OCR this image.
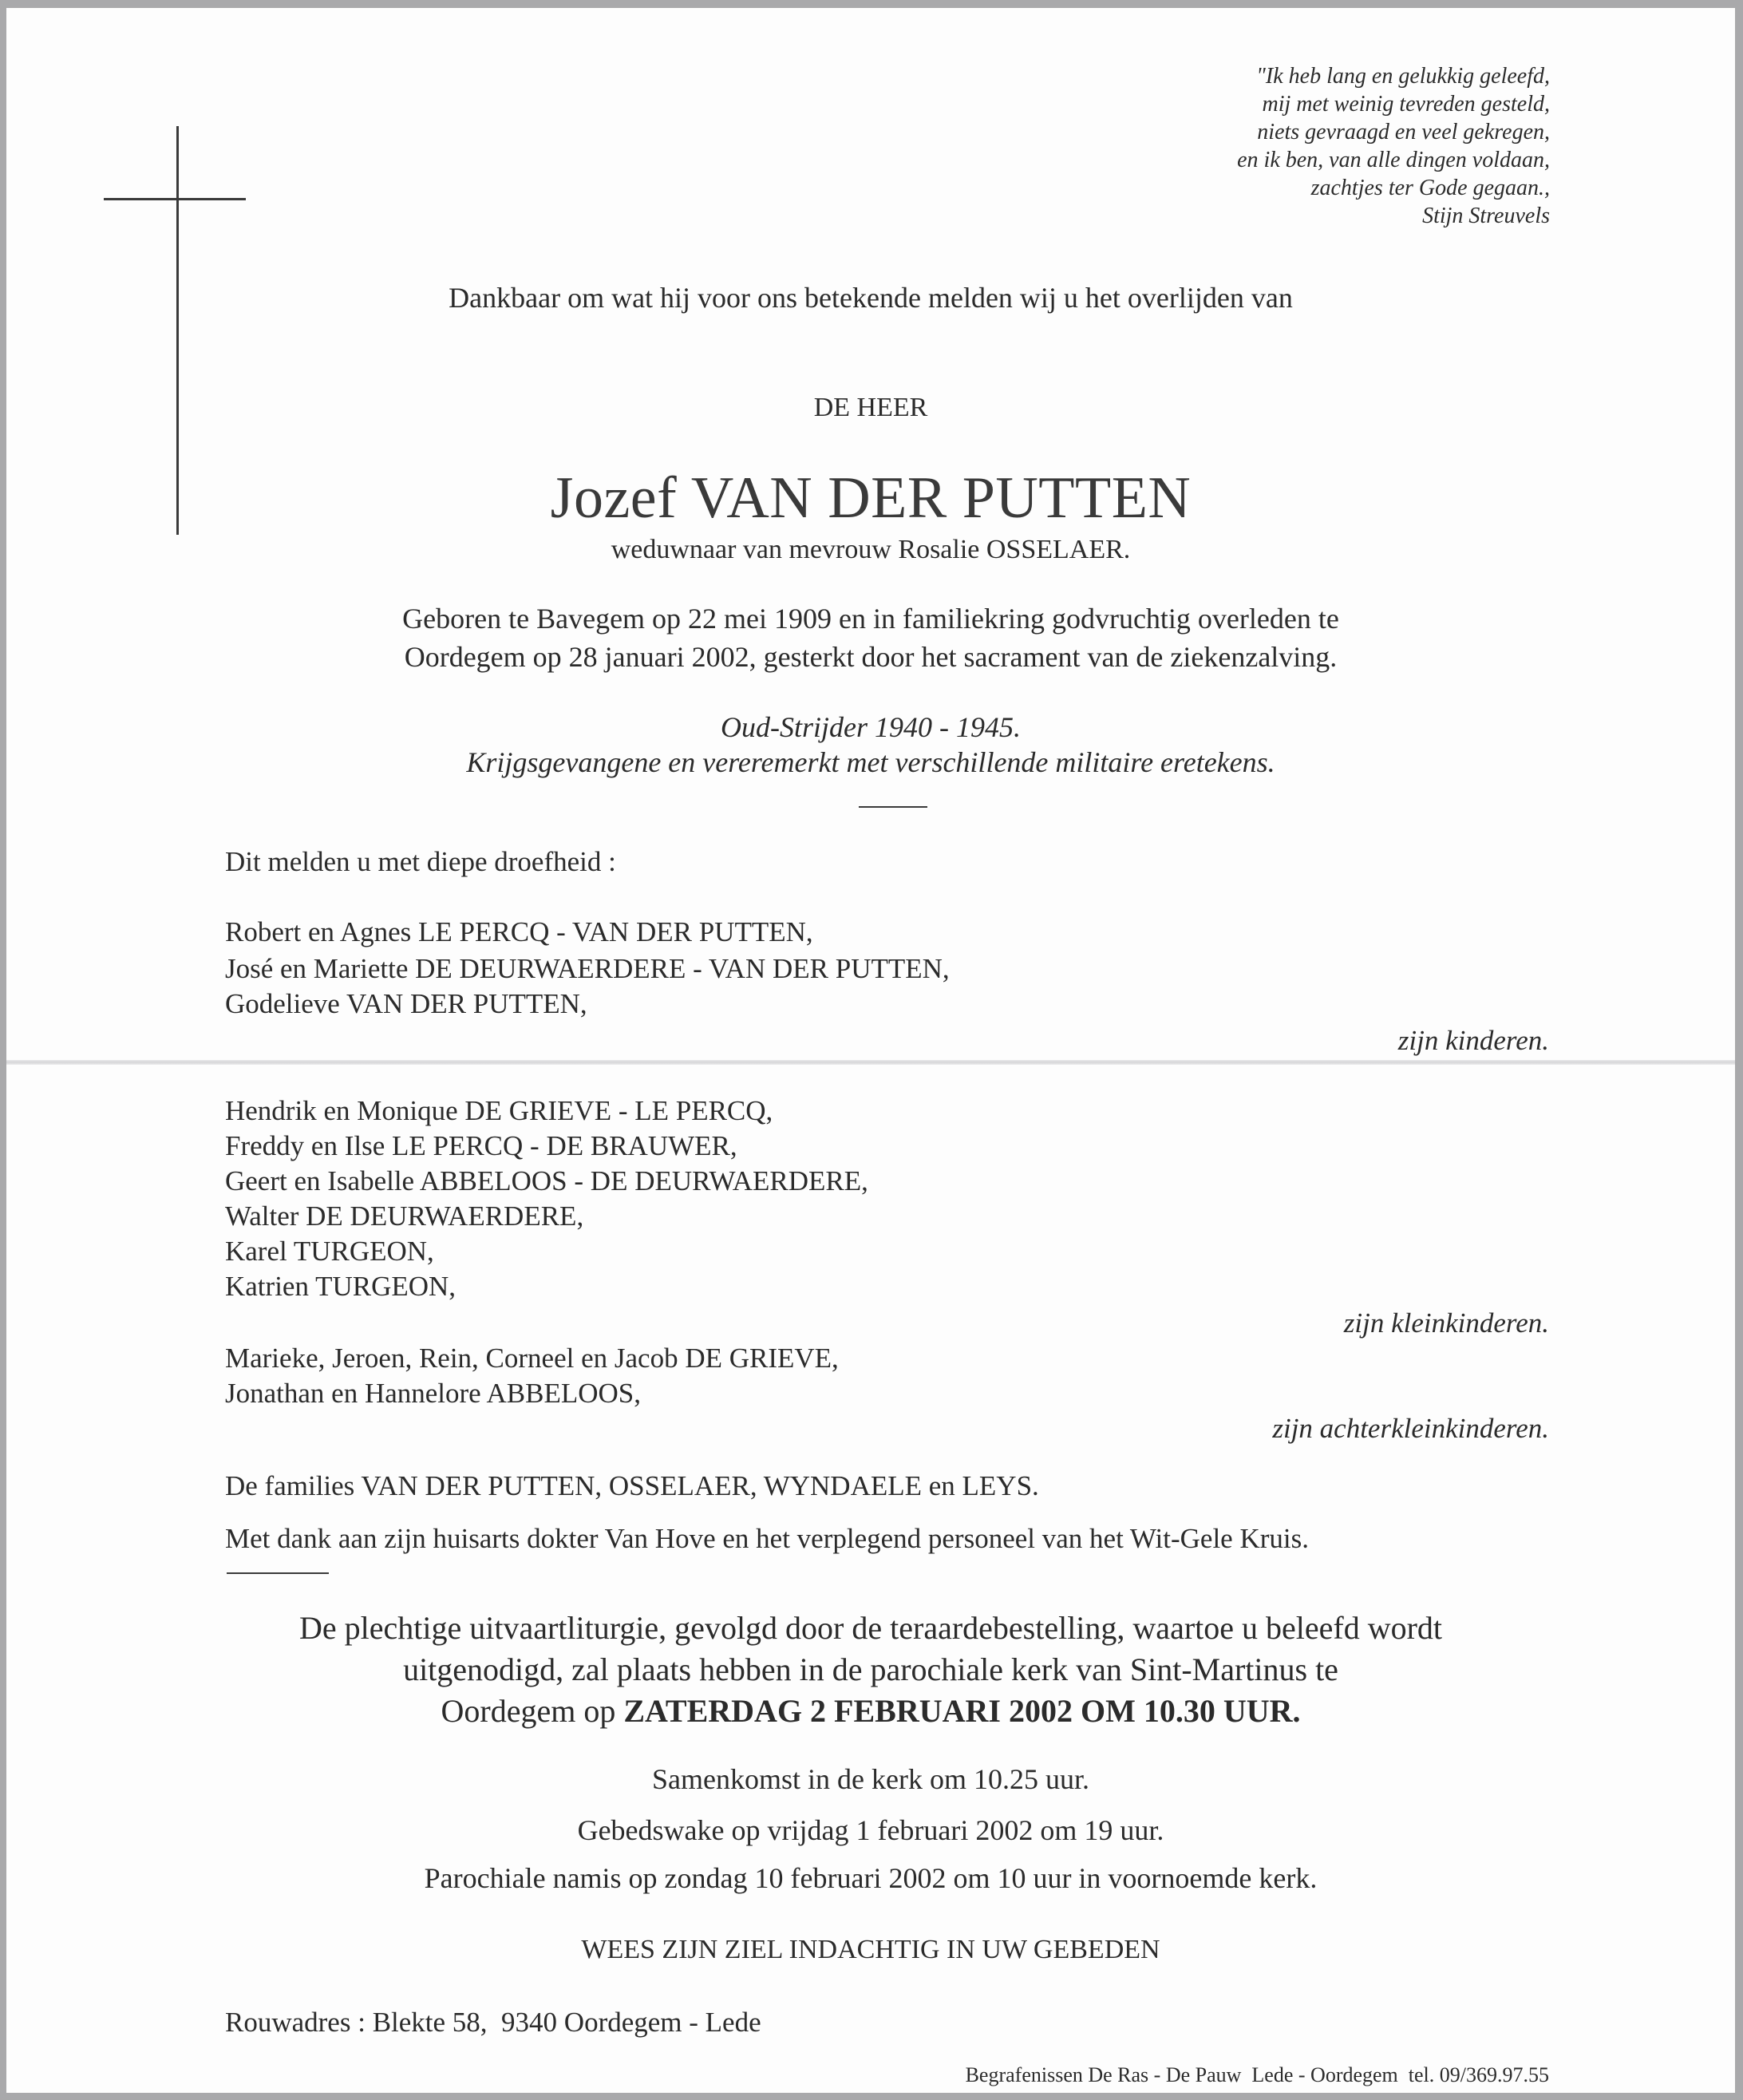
"Ik heb lang en gelukkig geleefd,
mij met weinig tevreden gesteld,
niets gevraagd en veel gekregen,
en ik ben, van alle dingen voldaan,
zachtjes ter Gode gegaan.,
Stijn Streuvels
Dankbaar om wat hij voor ons betekende melden wij u het overlijden van
DE HEER
Jozef VAN DER PUTTEN
weduwnaar van mevrouw Rosalie OSSELAER.
Geboren te Bavegem op 22 mei 1909 en in familiekring godvruchtig overleden te
Oordegem op 28 januari 2002, gesterkt door het sacrament van de ziekenzalving.
Oud-Strijder 1940 - 1945.
Krijgsgevangene en vereremerkt met verschillende militaire eretekens.
Dit melden u met diepe droefheid :
Robert en Agnes LE PERCQ - VAN DER PUTTEN,
José en Mariette DE DEURWAERDERE - VAN DER PUTTEN,
Godelieve VAN DER PUTTEN,
zijn kinderen.
Hendrik en Monique DE GRIEVE - LE PERCQ,
Freddy en Ilse LE PERCQ - DE BRAUWER,
Geert en Isabelle ABBELOOS - DE DEURWAERDERE,
Walter DE DEURWAERDERE,
Karel TURGEON,
Katrien TURGEON,
zijn kleinkinderen.
Marieke, Jeroen, Rein, Corneel en Jacob DE GRIEVE,
Jonathan en Hannelore ABBELOOS,
zijn achterkleinkinderen.
De families VAN DER PUTTEN, OSSELAER, WYNDAELE en LEYS.
Met dank aan zijn huisarts dokter Van Hove en het verplegend personeel van het Wit-Gele Kruis.
De plechtige uitvaartliturgie, gevolgd door de teraardebestelling, waartoe u beleefd wordt
uitgenodigd, zal plaats hebben in de parochiale kerk van Sint-Martinus te
Oordegem op ZATERDAG 2 FEBRUARI 2002 OM 10.30 UUR.
Samenkomst in de kerk om 10.25 uur.
Gebedswake op vrijdag 1 februari 2002 om 19 uur.
Parochiale namis op zondag 10 februari 2002 om 10 uur in voornoemde kerk.
WEES ZIJN ZIEL INDACHTIG IN UW GEBEDEN
Rouwadres : Blekte 58,  9340 Oordegem - Lede
Begrafenissen De Ras - De Pauw  Lede - Oordegem  tel. 09/369.97.55
